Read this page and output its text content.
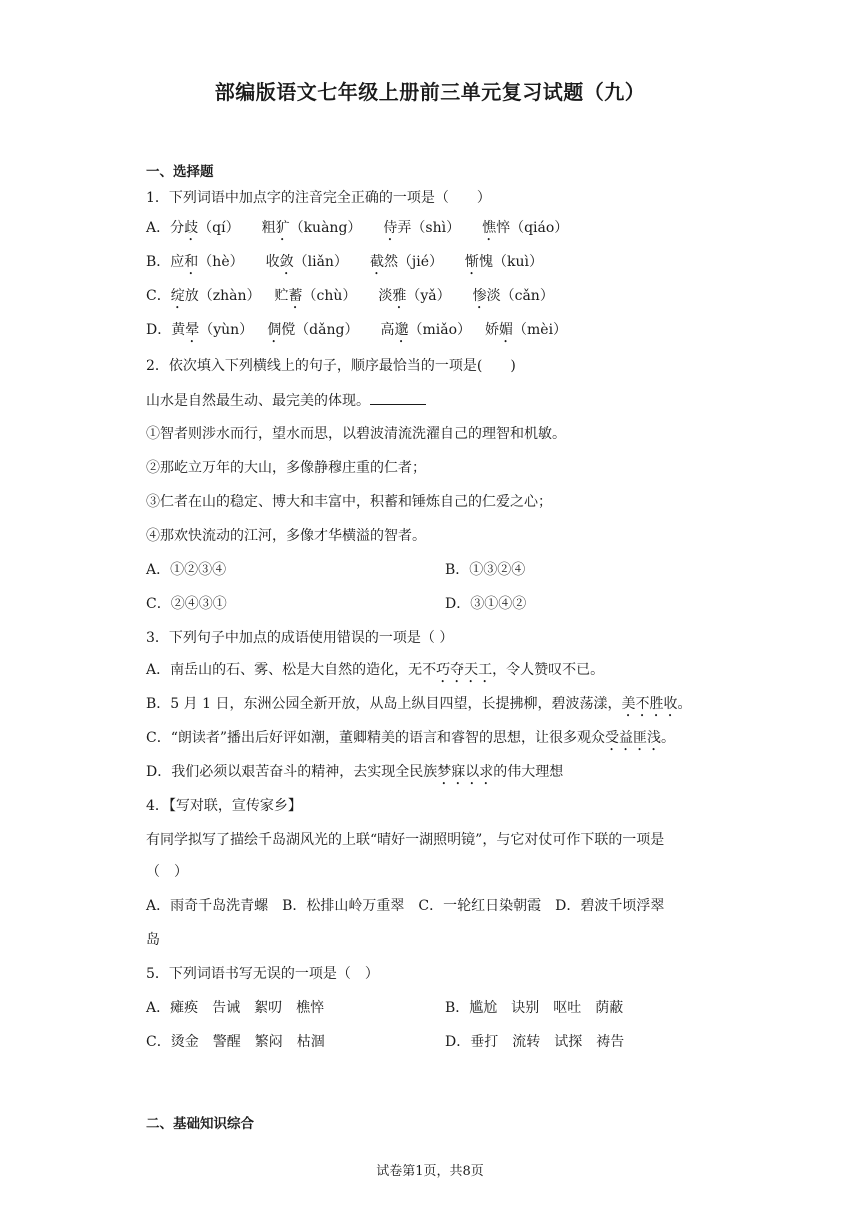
部编版语文七年级上册前三单元复习试题（九）
一、选择题
1．下列词语中加点字的注音完全正确的一项是（　　）
A．分歧（qí） 粗犷（kuàng） 侍弄（shì） 憔悴（qiáo）
B．应和（hè） 收敛（liǎn） 截然（jié） 惭愧（kuì）
C．绽放（zhàn） 贮蓄（chù） 淡雅（yǎ） 惨淡（cǎn）
D．黄晕（yùn） 倜傥（dǎng） 高邈（miǎo） 娇媚（mèi）
2．依次填入下列横线上的句子，顺序最恰当的一项是(　　)
山水是自然最生动、最完美的体现。
①智者则涉水而行，望水而思，以碧波清流洗濯自己的理智和机敏。
②那屹立万年的大山，多像静穆庄重的仁者；
③仁者在山的稳定、博大和丰富中，积蓄和锤炼自己的仁爱之心；
④那欢快流动的江河，多像才华横溢的智者。
A．①②③④	B．①③②④
C．②④③①	D．③①④②
3．下列句子中加点的成语使用错误的一项是（ ）
A．南岳山的石、雾、松是大自然的造化，无不巧夺天工，令人赞叹不已。
B．5 月 1 日，东洲公园全新开放，从岛上纵目四望，长提拂柳，碧波荡漾，美不胜收。
C．“朗读者”播出后好评如潮，董卿精美的语言和睿智的思想，让很多观众受益匪浅。
D．我们必须以艰苦奋斗的精神，去实现全民族梦寐以求的伟大理想
4．【写对联，宣传家乡】
有同学拟写了描绘千岛湖风光的上联“晴好一湖照明镜”，与它对仗可作下联的一项是
（　）
A．雨奇千岛洗青螺　B．松排山岭万重翠　C．一轮红日染朝霞　D．碧波千顷浮翠
岛
5．下列词语书写无误的一项是（　）
A．瘫痪　告诫　絮叨　樵悴	B．尴尬　诀别　呕吐　荫蔽
C．烫金　警醒　繁闷　枯涸	D．垂打　流转　试探　祷告
二、基础知识综合
试卷第1页，共8页
